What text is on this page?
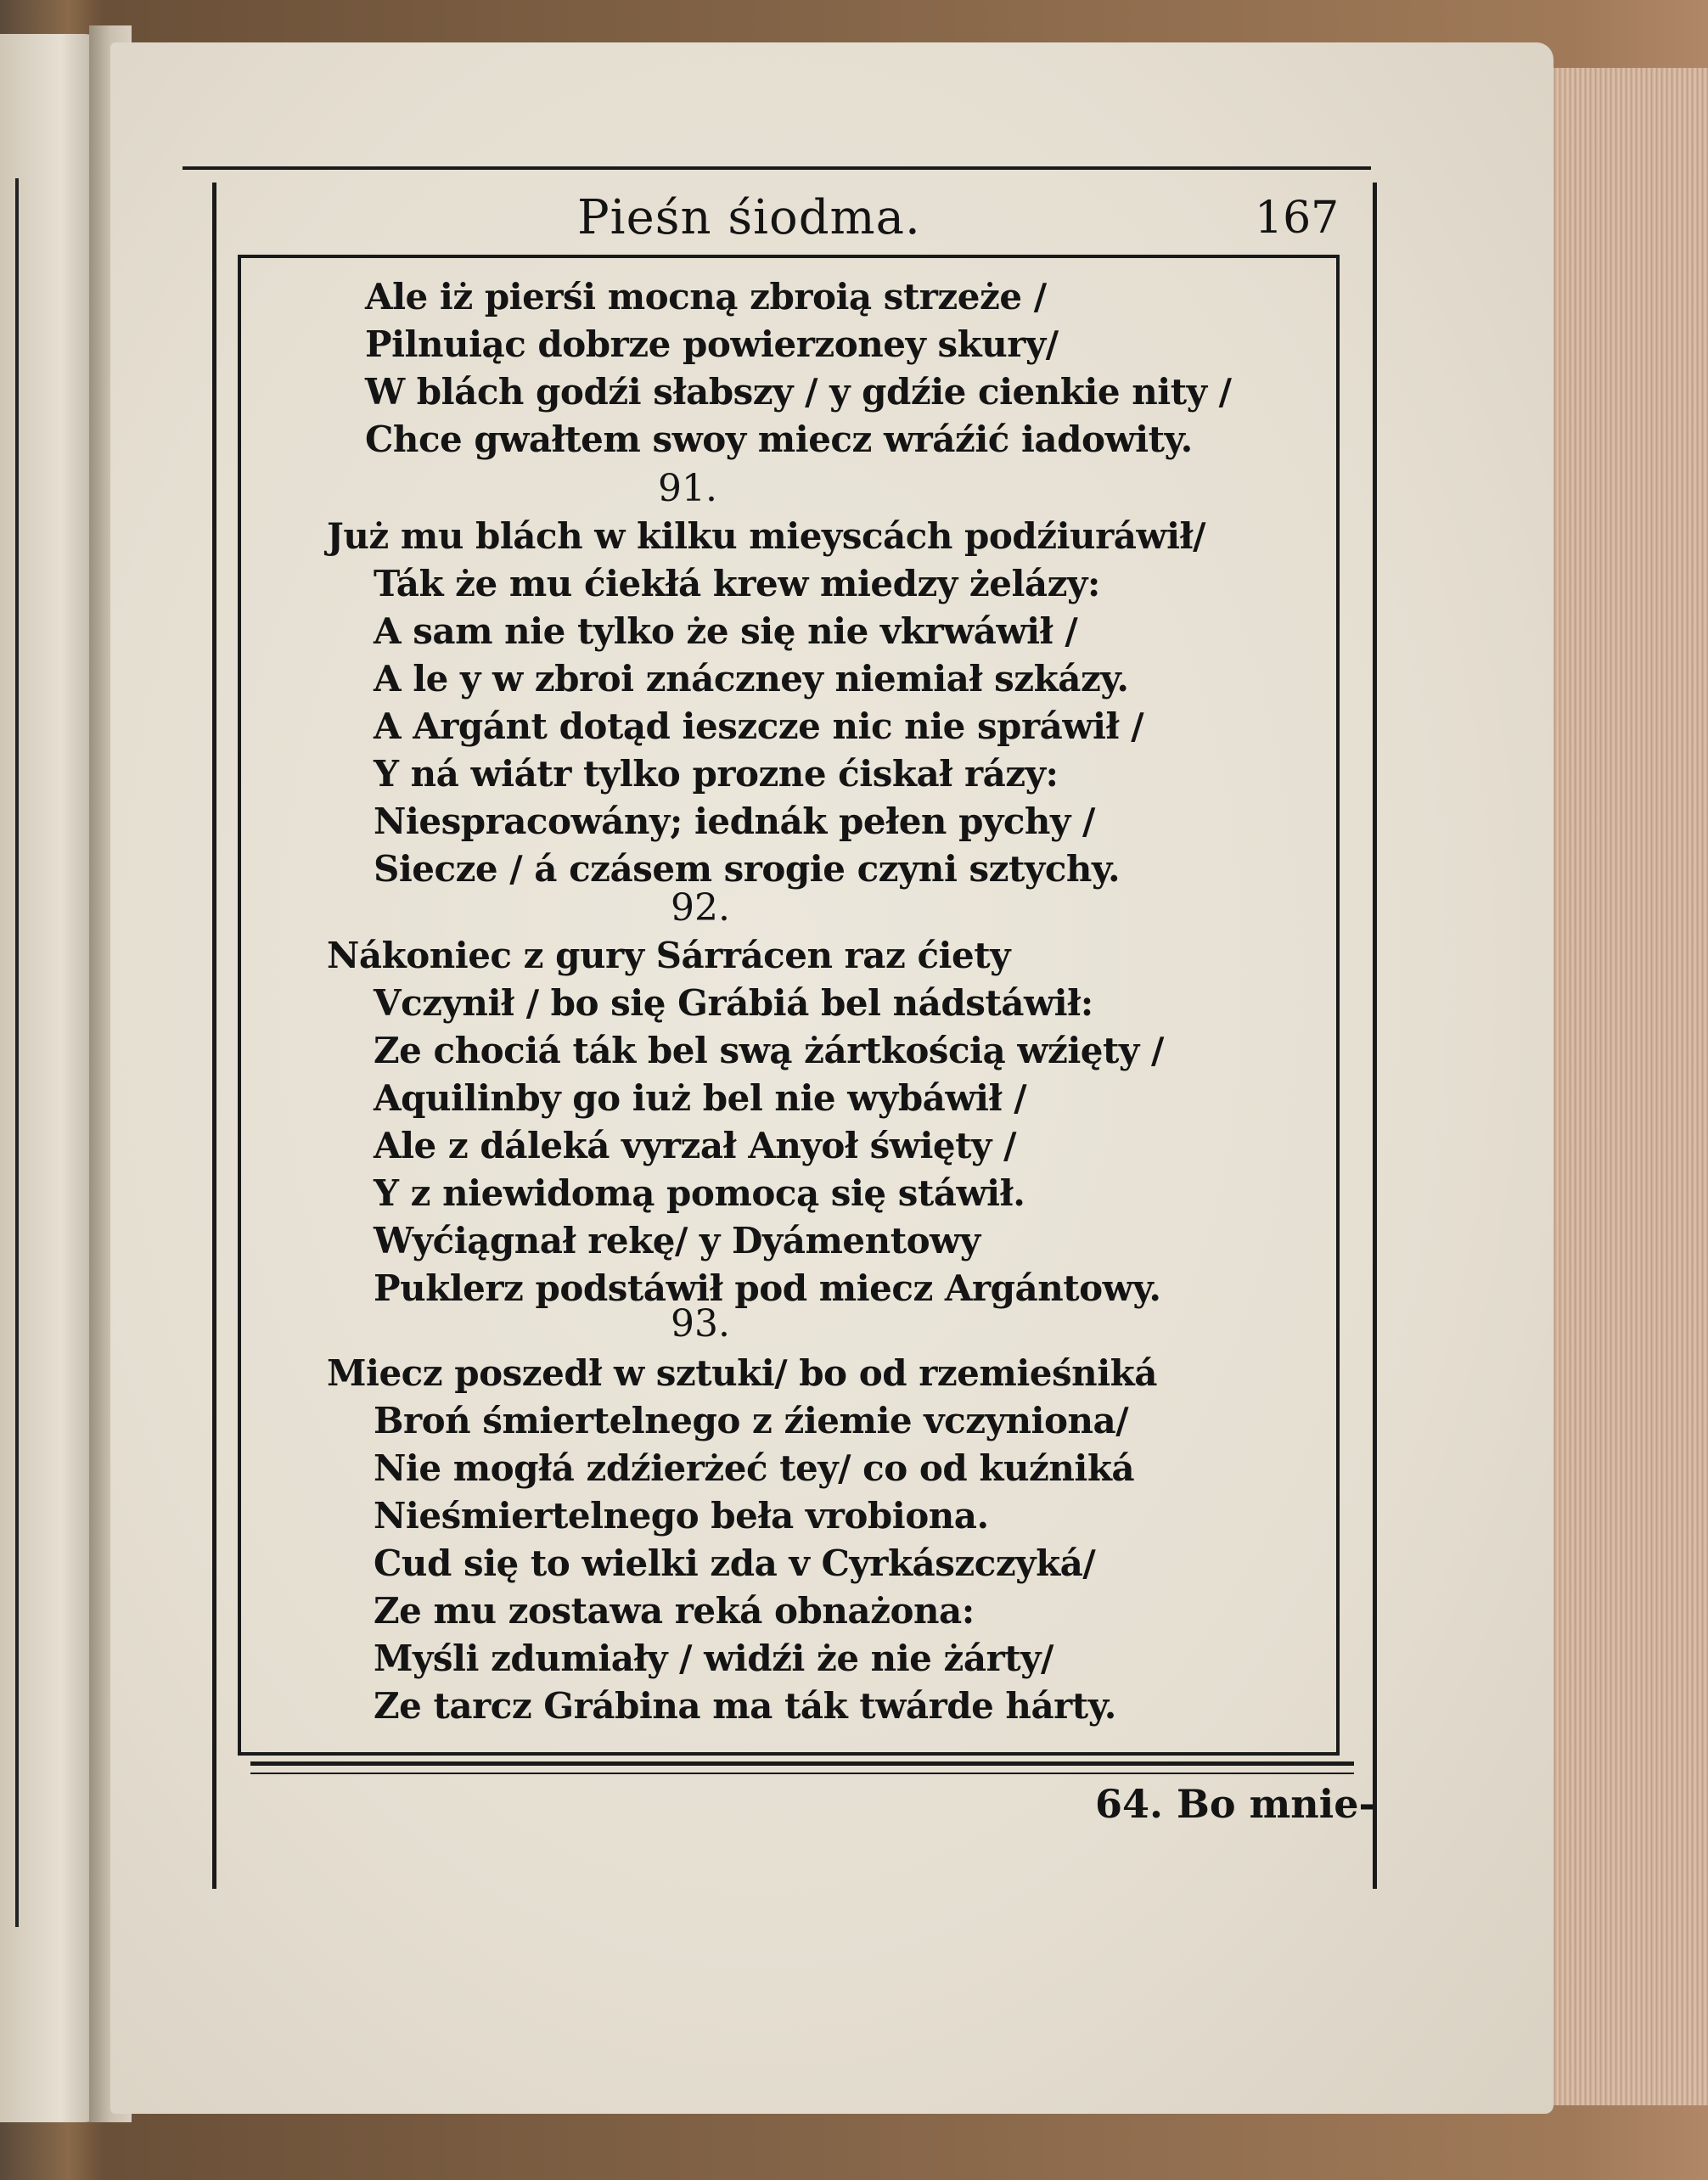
Pieśn śiodma.	167
Ale iż pierśi mocną zbroią strzeże /
Pilnuiąc dobrze powierzoney skury/
W blách godźi słabszy / y gdźie cienkie nity /
Chce gwałtem swoy miecz wráźić iadowity.
91.
Już mu blách w kilku mieyscách podźiuráwił/
Ták że mu ćiekłá krew miedzy żelázy:
A sam nie tylko że się nie vkrwáwił /
A le y w zbroi znáczney niemiał szkázy.
A Argánt dotąd ieszcze nic nie spráwił /
Y ná wiátr tylko prozne ćiskał rázy:
Niespracowány; iednák pełen pychy /
Siecze / á czásem srogie czyni sztychy.
92.
Nákoniec z gury Sárrácen raz ćiety
Vczynił / bo się Grábiá bel nádstáwił:
Ze chociá ták bel swą żártkością wźięty /
Aquilinby go iuż bel nie wybáwił /
Ale z dáleká vyrzał Anyoł święty /
Y z niewidomą pomocą się stáwił.
Wyćiągnał rekę/ y Dyámentowy
Puklerz podstáwił pod miecz Argántowy.
93.
Miecz poszedł w sztuki/ bo od rzemieśniká
Broń śmiertelnego z źiemie vczyniona/
Nie mogłá zdźierżeć tey/ co od kuźniká
Nieśmiertelnego beła vrobiona.
Cud się to wielki zda v Cyrkászczyká/
Ze mu zostawa reká obnażona:
Myśli zdumiały / widźi że nie żárty/
Ze tarcz Grábina ma ták twárde hárty.
64. Bo mnie-
